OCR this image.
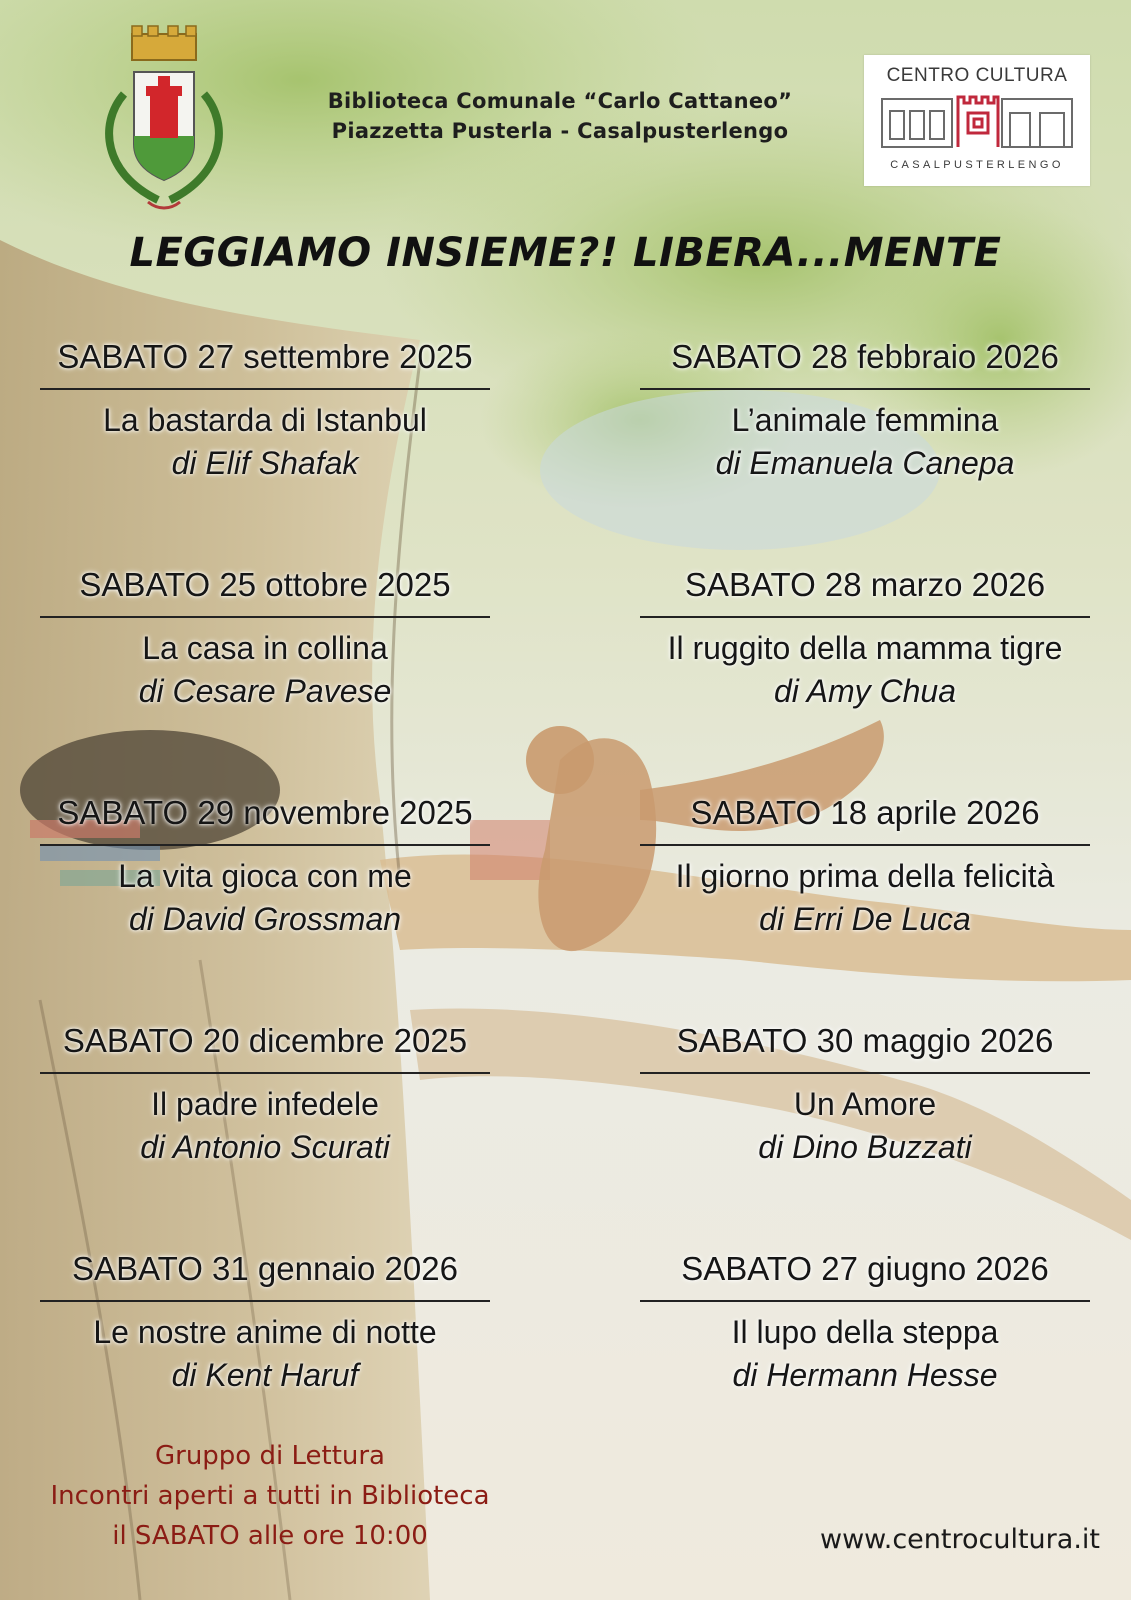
Biblioteca Comunale “Carlo Cattaneo”
Piazzetta Pusterla - Casalpusterlengo
CENTRO CULTURA
CASALPUSTERLENGO
LEGGIAMO INSIEME?! LIBERA...MENTE
SABATO 27 settembre 2025
La bastarda di Istanbul
di Elif Shafak
SABATO 25 ottobre 2025
La casa in collina
di Cesare Pavese
SABATO 29 novembre 2025
La vita gioca con me
di David Grossman
SABATO 20 dicembre 2025
Il padre infedele
di Antonio Scurati
SABATO 31 gennaio 2026
Le nostre anime di notte
di Kent Haruf
SABATO 28 febbraio 2026
L’animale femmina
di Emanuela Canepa
SABATO 28 marzo 2026
Il ruggito della mamma tigre
di Amy Chua
SABATO 18 aprile 2026
Il giorno prima della felicità
di Erri De Luca
SABATO 30 maggio 2026
Un Amore
di Dino Buzzati
SABATO 27 giugno 2026
Il lupo della steppa
di Hermann Hesse
Gruppo di Lettura
Incontri aperti a tutti in Biblioteca
il SABATO alle ore 10:00	www.centrocultura.it
